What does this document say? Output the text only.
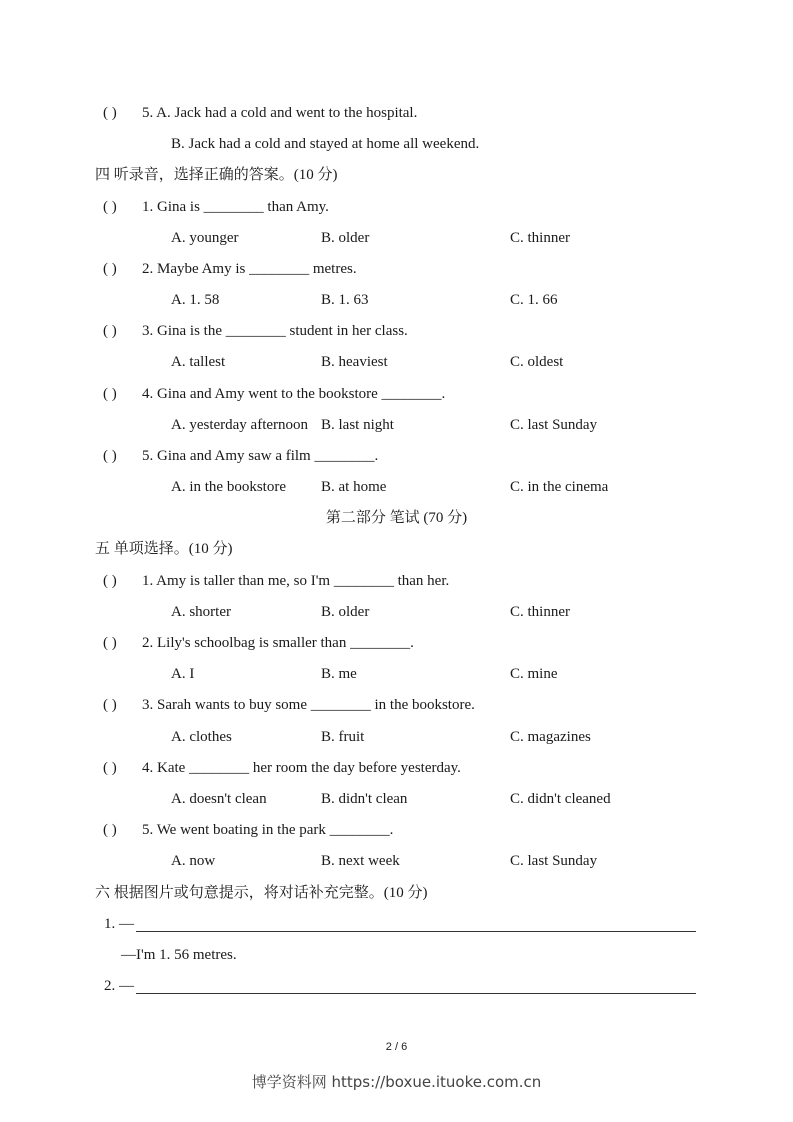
( ) 5. A. Jack had a cold and went to the hospital.
B. Jack had a cold and stayed at home all weekend.
四 听录音，选择正确的答案。(10 分)
( ) 1. Gina is ________ than Amy.
A. younger	B. older	C. thinner
( ) 2. Maybe Amy is ________ metres.
A. 1. 58	B. 1. 63	C. 1. 66
( ) 3. Gina is the ________ student in her class.
A. tallest	B. heaviest	C. oldest
( ) 4. Gina and Amy went to the bookstore ________.
A. yesterday afternoon B. last night	C. last Sunday
( ) 5. Gina and Amy saw a film ________.
A. in the bookstore B. at home	C. in the cinema
第二部分 笔试 (70 分)
五 单项选择。(10 分)
( ) 1. Amy is taller than me, so I'm ________ than her.
A. shorter	B. older	C. thinner
( ) 2. Lily's schoolbag is smaller than ________.
A. I	B. me	C. mine
( ) 3. Sarah wants to buy some ________ in the bookstore.
A. clothes	B. fruit	C. magazines
( ) 4. Kate ________ her room the day before yesterday.
A. doesn't clean	B. didn't clean	C. didn't cleaned
( ) 5. We went boating in the park ________.
A. now	B. next week	C. last Sunday
六 根据图片或句意提示，将对话补充完整。(10 分)
1. —
—I'm 1. 56 metres.
2. —
2 / 6
博学资料网 https://boxue.ituoke.com.cn
